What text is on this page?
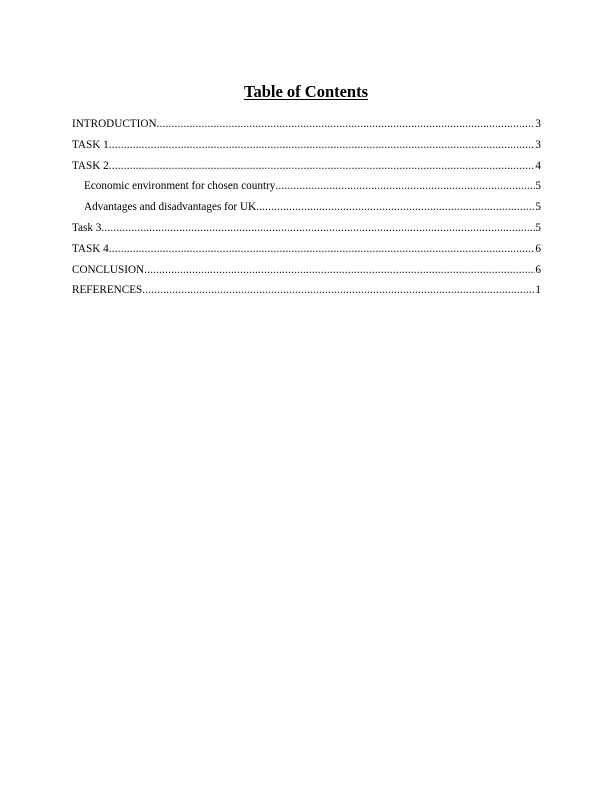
Table of Contents
INTRODUCTION .....	3
TASK 1 .....	3
TASK 2 .....	4
Economic environment for chosen country .....	5
Advantages and disadvantages for UK .....	5
Task 3 .....	5
TASK 4 .....	6
CONCLUSION .....	6
REFERENCES .....	1
